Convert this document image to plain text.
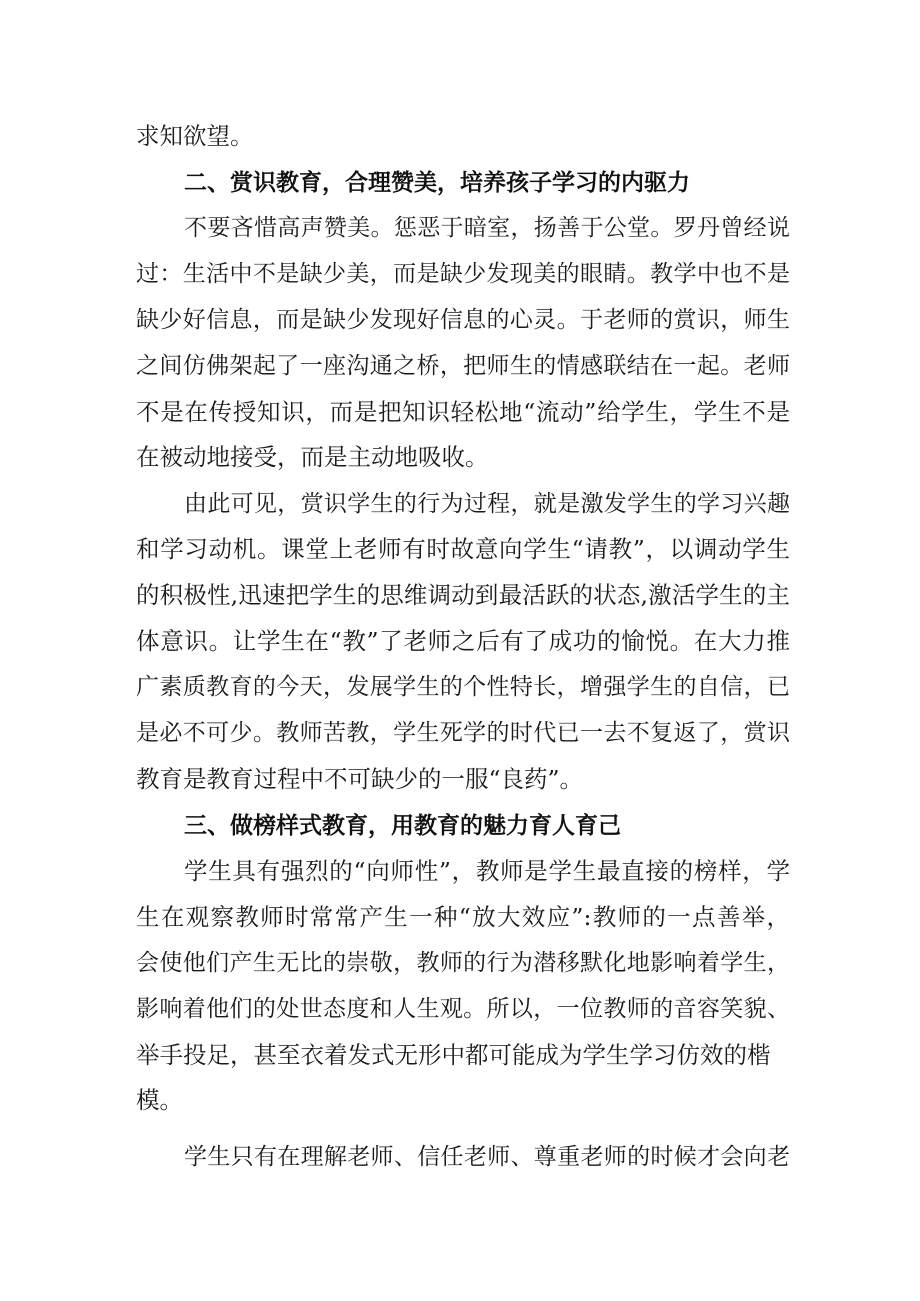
求知欲望。
二、赏识教育，合理赞美，培养孩子学习的内驱力
不要吝惜高声赞美。惩恶于暗室，扬善于公堂。罗丹曾经说
过：生活中不是缺少美，而是缺少发现美的眼睛。教学中也不是
缺少好信息，而是缺少发现好信息的心灵。于老师的赏识，师生
之间仿佛架起了一座沟通之桥，把师生的情感联结在一起。老师
不是在传授知识，而是把知识轻松地“流动”给学生，学生不是
在被动地接受，而是主动地吸收。
由此可见，赏识学生的行为过程，就是激发学生的学习兴趣
和学习动机。课堂上老师有时故意向学生“请教”，以调动学生
的积极性,迅速把学生的思维调动到最活跃的状态,激活学生的主
体意识。让学生在“教”了老师之后有了成功的愉悦。在大力推
广素质教育的今天，发展学生的个性特长，增强学生的自信，已
是必不可少。教师苦教，学生死学的时代已一去不复返了，赏识
教育是教育过程中不可缺少的一服“良药”。
三、做榜样式教育，用教育的魅力育人育己
学生具有强烈的“向师性”，教师是学生最直接的榜样，学
生在观察教师时常常产生一种“放大效应”:教师的一点善举，
会使他们产生无比的崇敬，教师的行为潜移默化地影响着学生，
影响着他们的处世态度和人生观。所以，一位教师的音容笑貌、
举手投足，甚至衣着发式无形中都可能成为学生学习仿效的楷
模。
学生只有在理解老师、信任老师、尊重老师的时候才会向老
